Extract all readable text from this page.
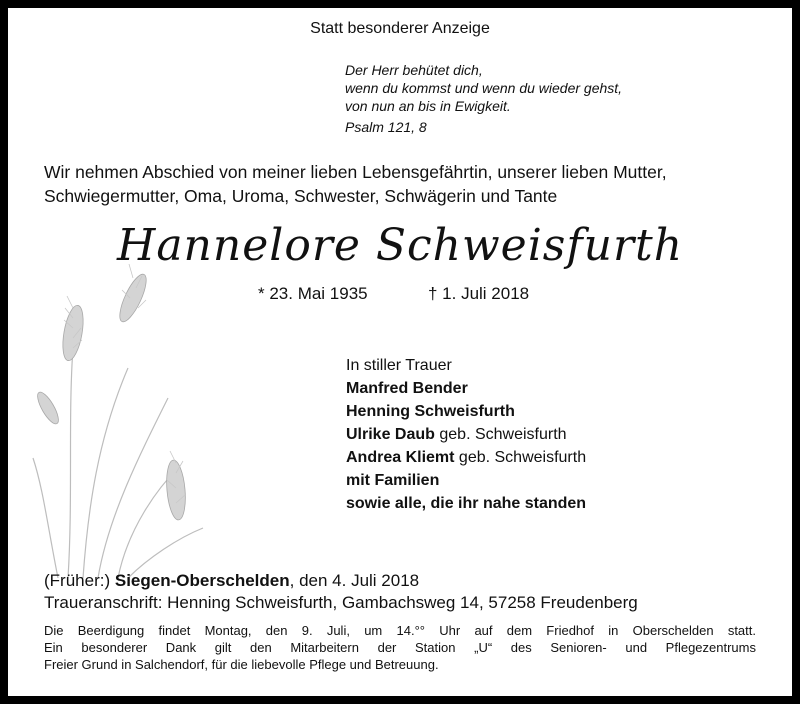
Statt besonderer Anzeige
Der Herr behütet dich,
wenn du kommst und wenn du wieder gehst,
von nun an bis in Ewigkeit.
Psalm 121, 8
Wir nehmen Abschied von meiner lieben Lebensgefährtin, unserer lieben Mutter,
Schwiegermutter, Oma, Uroma, Schwester, Schwägerin und Tante
Hannelore Schweisfurth
* 23. Mai 1935	† 1. Juli 2018
In stiller Trauer
Manfred Bender
Henning Schweisfurth
Ulrike Daub geb. Schweisfurth
Andrea Kliemt geb. Schweisfurth
mit Familien
sowie alle, die ihr nahe standen
(Früher:) Siegen-Oberschelden, den 4. Juli 2018
Traueranschrift: Henning Schweisfurth, Gambachsweg 14, 57258 Freudenberg
Die Beerdigung findet Montag, den 9. Juli, um 14.°° Uhr auf dem Friedhof in Oberschelden statt.
Ein besonderer Dank gilt den Mitarbeitern der Station „U“ des Senioren- und Pflegezentrums
Freier Grund in Salchendorf, für die liebevolle Pflege und Betreuung.
